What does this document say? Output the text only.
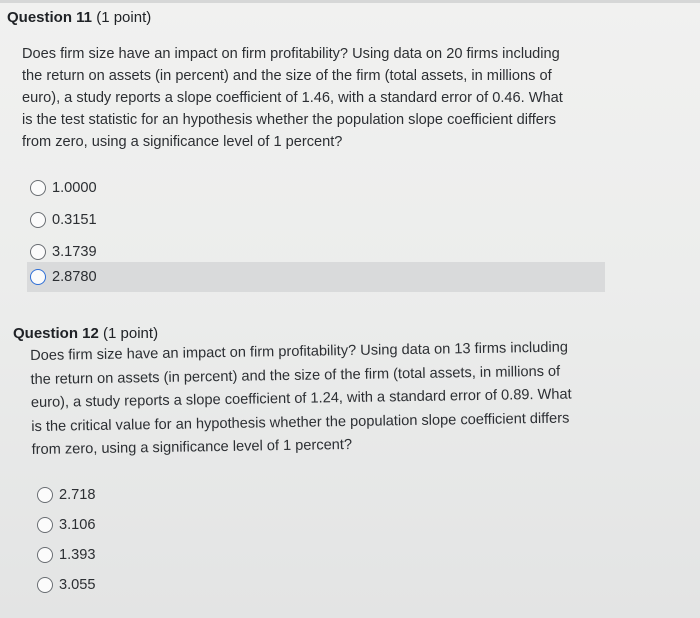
Question 11 (1 point)
Does firm size have an impact on firm profitability? Using data on 20 firms including
the return on assets (in percent) and the size of the firm (total assets, in millions of
euro), a study reports a slope coefficient of 1.46, with a standard error of 0.46. What
is the test statistic for an hypothesis whether the population slope coefficient differs
from zero, using a significance level of 1 percent?
1.0000
0.3151
3.1739
2.8780
Question 12 (1 point)
Does firm size have an impact on firm profitability? Using data on 13 firms including
the return on assets (in percent) and the size of the firm (total assets, in millions of
euro), a study reports a slope coefficient of 1.24, with a standard error of 0.89. What
is the critical value for an hypothesis whether the population slope coefficient differs
from zero, using a significance level of 1 percent?
2.718
3.106
1.393
3.055
